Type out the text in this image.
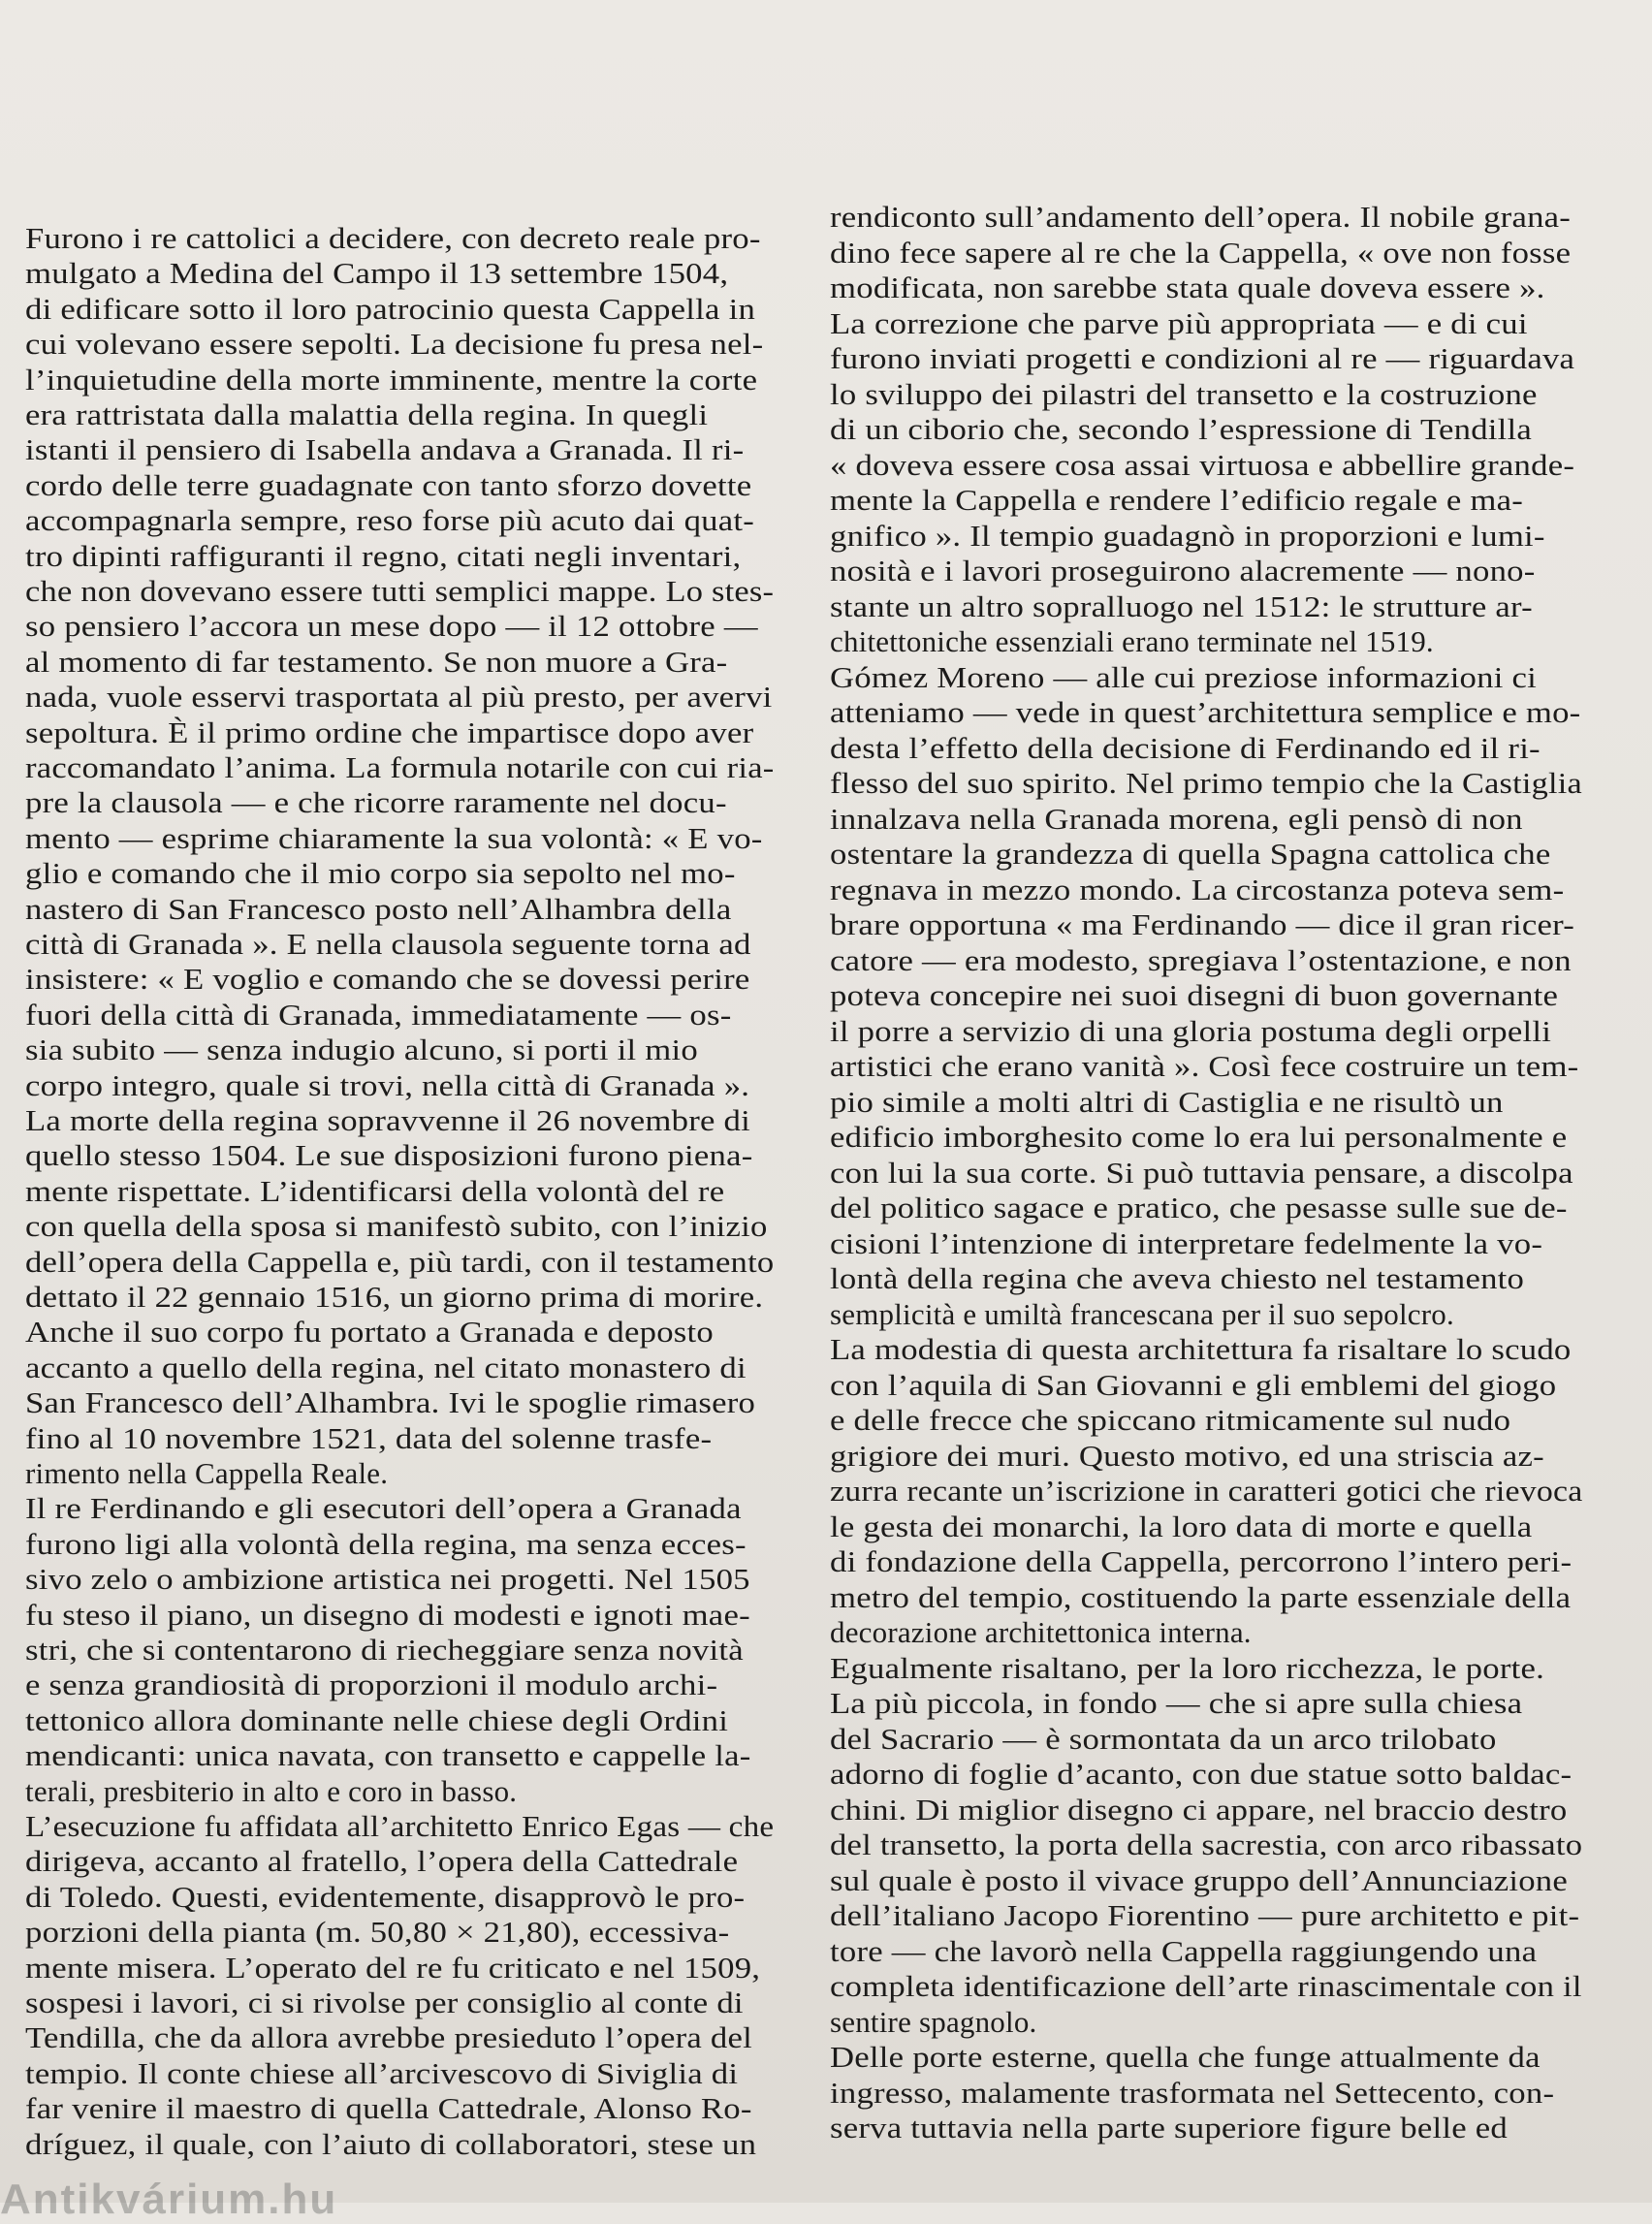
Furono i re cattolici a decidere, con decreto reale pro-
mulgato a Medina del Campo il 13 settembre 1504,
di edificare sotto il loro patrocinio questa Cappella in
cui volevano essere sepolti. La decisione fu presa nel-
l’inquietudine della morte imminente, mentre la corte
era rattristata dalla malattia della regina. In quegli
istanti il pensiero di Isabella andava a Granada. Il ri-
cordo delle terre guadagnate con tanto sforzo dovette
accompagnarla sempre, reso forse più acuto dai quat-
tro dipinti raffiguranti il regno, citati negli inventari,
che non dovevano essere tutti semplici mappe. Lo stes-
so pensiero l’accora un mese dopo — il 12 ottobre —
al momento di far testamento. Se non muore a Gra-
nada, vuole esservi trasportata al più presto, per avervi
sepoltura. È il primo ordine che impartisce dopo aver
raccomandato l’anima. La formula notarile con cui ria-
pre la clausola — e che ricorre raramente nel docu-
mento — esprime chiaramente la sua volontà: « E vo-
glio e comando che il mio corpo sia sepolto nel mo-
nastero di San Francesco posto nell’Alhambra della
città di Granada ». E nella clausola seguente torna ad
insistere: « E voglio e comando che se dovessi perire
fuori della città di Granada, immediatamente — os-
sia subito — senza indugio alcuno, si porti il mio
corpo integro, quale si trovi, nella città di Granada ».
La morte della regina sopravvenne il 26 novembre di
quello stesso 1504. Le sue disposizioni furono piena-
mente rispettate. L’identificarsi della volontà del re
con quella della sposa si manifestò subito, con l’inizio
dell’opera della Cappella e, più tardi, con il testamento
dettato il 22 gennaio 1516, un giorno prima di morire.
Anche il suo corpo fu portato a Granada e deposto
accanto a quello della regina, nel citato monastero di
San Francesco dell’Alhambra. Ivi le spoglie rimasero
fino al 10 novembre 1521, data del solenne trasfe-
rimento nella Cappella Reale.
Il re Ferdinando e gli esecutori dell’opera a Granada
furono ligi alla volontà della regina, ma senza ecces-
sivo zelo o ambizione artistica nei progetti. Nel 1505
fu steso il piano, un disegno di modesti e ignoti mae-
stri, che si contentarono di riecheggiare senza novità
e senza grandiosità di proporzioni il modulo archi-
tettonico allora dominante nelle chiese degli Ordini
mendicanti: unica navata, con transetto e cappelle la-
terali, presbiterio in alto e coro in basso.
L’esecuzione fu affidata all’architetto Enrico Egas — che
dirigeva, accanto al fratello, l’opera della Cattedrale
di Toledo. Questi, evidentemente, disapprovò le pro-
porzioni della pianta (m. 50,80 × 21,80), eccessiva-
mente misera. L’operato del re fu criticato e nel 1509,
sospesi i lavori, ci si rivolse per consiglio al conte di
Tendilla, che da allora avrebbe presieduto l’opera del
tempio. Il conte chiese all’arcivescovo di Siviglia di
far venire il maestro di quella Cattedrale, Alonso Ro-
dríguez, il quale, con l’aiuto di collaboratori, stese un
rendiconto sull’andamento dell’opera. Il nobile grana-
dino fece sapere al re che la Cappella, « ove non fosse
modificata, non sarebbe stata quale doveva essere ».
La correzione che parve più appropriata — e di cui
furono inviati progetti e condizioni al re — riguardava
lo sviluppo dei pilastri del transetto e la costruzione
di un ciborio che, secondo l’espressione di Tendilla
« doveva essere cosa assai virtuosa e abbellire grande-
mente la Cappella e rendere l’edificio regale e ma-
gnifico ». Il tempio guadagnò in proporzioni e lumi-
nosità e i lavori proseguirono alacremente — nono-
stante un altro sopralluogo nel 1512: le strutture ar-
chitettoniche essenziali erano terminate nel 1519.
Gómez Moreno — alle cui preziose informazioni ci
atteniamo — vede in quest’architettura semplice e mo-
desta l’effetto della decisione di Ferdinando ed il ri-
flesso del suo spirito. Nel primo tempio che la Castiglia
innalzava nella Granada morena, egli pensò di non
ostentare la grandezza di quella Spagna cattolica che
regnava in mezzo mondo. La circostanza poteva sem-
brare opportuna « ma Ferdinando — dice il gran ricer-
catore — era modesto, spregiava l’ostentazione, e non
poteva concepire nei suoi disegni di buon governante
il porre a servizio di una gloria postuma degli orpelli
artistici che erano vanità ». Così fece costruire un tem-
pio simile a molti altri di Castiglia e ne risultò un
edificio imborghesito come lo era lui personalmente e
con lui la sua corte. Si può tuttavia pensare, a discolpa
del politico sagace e pratico, che pesasse sulle sue de-
cisioni l’intenzione di interpretare fedelmente la vo-
lontà della regina che aveva chiesto nel testamento
semplicità e umiltà francescana per il suo sepolcro.
La modestia di questa architettura fa risaltare lo scudo
con l’aquila di San Giovanni e gli emblemi del giogo
e delle frecce che spiccano ritmicamente sul nudo
grigiore dei muri. Questo motivo, ed una striscia az-
zurra recante un’iscrizione in caratteri gotici che rievoca
le gesta dei monarchi, la loro data di morte e quella
di fondazione della Cappella, percorrono l’intero peri-
metro del tempio, costituendo la parte essenziale della
decorazione architettonica interna.
Egualmente risaltano, per la loro ricchezza, le porte.
La più piccola, in fondo — che si apre sulla chiesa
del Sacrario — è sormontata da un arco trilobato
adorno di foglie d’acanto, con due statue sotto baldac-
chini. Di miglior disegno ci appare, nel braccio destro
del transetto, la porta della sacrestia, con arco ribassato
sul quale è posto il vivace gruppo dell’Annunciazione
dell’italiano Jacopo Fiorentino — pure architetto e pit-
tore — che lavorò nella Cappella raggiungendo una
completa identificazione dell’arte rinascimentale con il
sentire spagnolo.
Delle porte esterne, quella che funge attualmente da
ingresso, malamente trasformata nel Settecento, con-
serva tuttavia nella parte superiore figure belle ed
Antikvárium.hu
